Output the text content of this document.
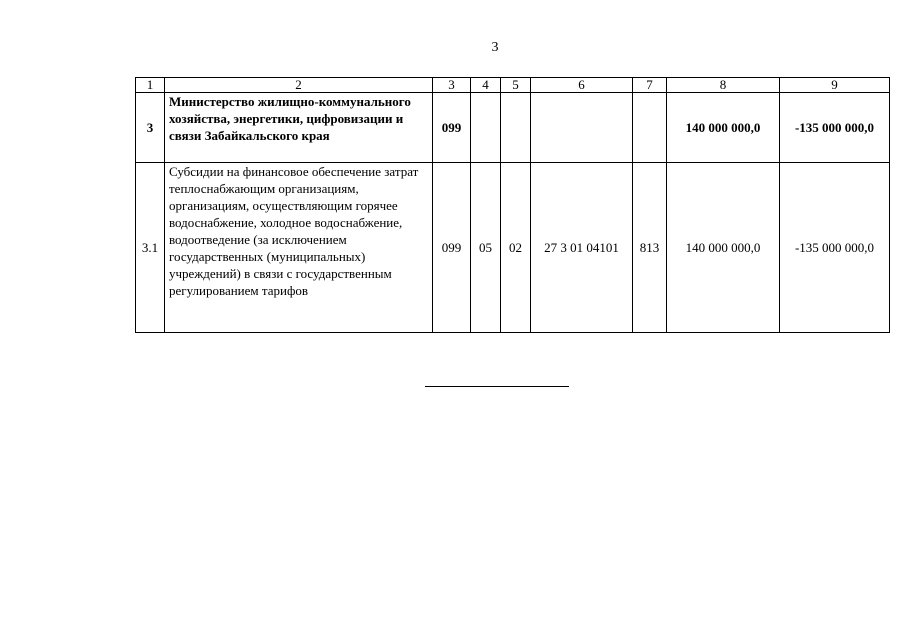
3
1	2	3	4	5	6	7	8	9
3	Министерство жилищно-коммунального хозяйства, энергетики, цифровизации и связи Забайкальского края	099					140 000 000,0	-135 000 000,0
3.1	Субсидии на финансовое обеспечение затрат теплоснабжающим организациям, организациям, осуществляющим горячее водоснабжение, холодное водоснабжение, водоотведение (за исключением государственных (муниципальных) учреждений) в связи с государственным регулированием тарифов	099	05	02	27 3 01 04101	813	140 000 000,0	-135 000 000,0
